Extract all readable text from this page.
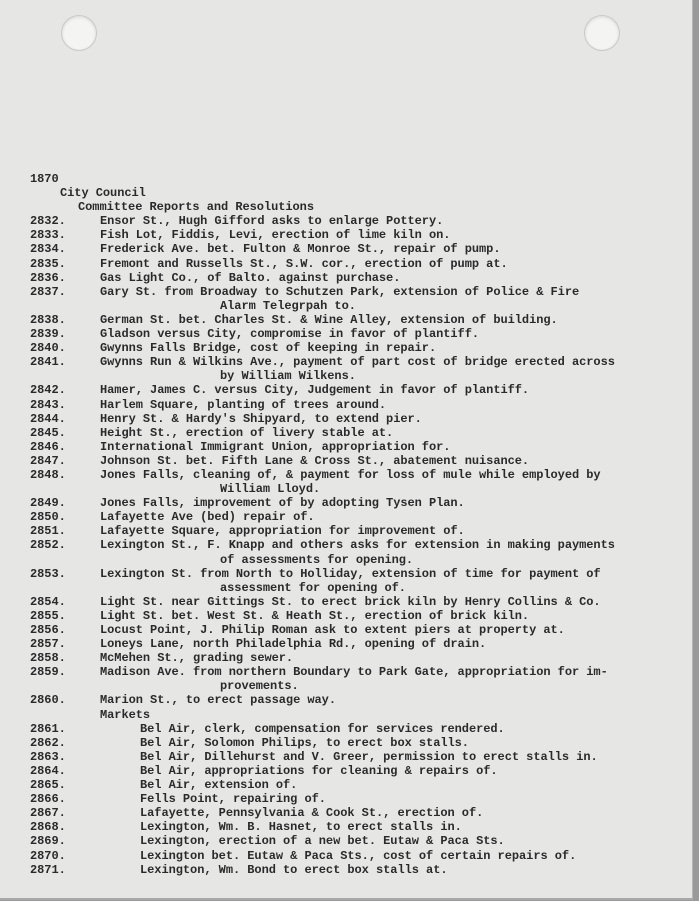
1870
City Council
Committee Reports and Resolutions
2832.	Ensor St., Hugh Gifford asks to enlarge Pottery.
2833.	Fish Lot, Fiddis, Levi, erection of lime kiln on.
2834.	Frederick Ave. bet. Fulton & Monroe St., repair of pump.
2835.	Fremont and Russells St., S.W. cor., erection of pump at.
2836.	Gas Light Co., of Balto. against purchase.
2837.	Gary St. from Broadway to Schutzen Park, extension of Police & Fire
Alarm Telegrpah to.
2838.	German St. bet. Charles St. & Wine Alley, extension of building.
2839.	Gladson versus City, compromise in favor of plantiff.
2840.	Gwynns Falls Bridge, cost of keeping in repair.
2841.	Gwynns Run & Wilkins Ave., payment of part cost of bridge erected across
by William Wilkens.
2842.	Hamer, James C. versus City, Judgement in favor of plantiff.
2843.	Harlem Square, planting of trees around.
2844.	Henry St. & Hardy's Shipyard, to extend pier.
2845.	Height St., erection of livery stable at.
2846.	International Immigrant Union, appropriation for.
2847.	Johnson St. bet. Fifth Lane & Cross St., abatement nuisance.
2848.	Jones Falls, cleaning of, & payment for loss of mule while employed by
William Lloyd.
2849.	Jones Falls, improvement of by adopting Tysen Plan.
2850.	Lafayette Ave (bed) repair of.
2851.	Lafayette Square, appropriation for improvement of.
2852.	Lexington St., F. Knapp and others asks for extension in making payments
of assessments for opening.
2853.	Lexington St. from North to Holliday, extension of time for payment of
assessment for opening of.
2854.	Light St. near Gittings St. to erect brick kiln by Henry Collins & Co.
2855.	Light St. bet. West St. & Heath St., erection of brick kiln.
2856.	Locust Point, J. Philip Roman ask to extent piers at property at.
2857.	Loneys Lane, north Philadelphia Rd., opening of drain.
2858.	McMehen St., grading sewer.
2859.	Madison Ave. from northern Boundary to Park Gate, appropriation for im-
provements.
2860.	Marion St., to erect passage way.
Markets
2861.	Bel Air, clerk, compensation for services rendered.
2862.	Bel Air, Solomon Philips, to erect box stalls.
2863.	Bel Air, Dillehurst and V. Greer, permission to erect stalls in.
2864.	Bel Air, appropriations for cleaning & repairs of.
2865.	Bel Air, extension of.
2866.	Fells Point, repairing of.
2867.	Lafayette, Pennsylvania & Cook St., erection of.
2868.	Lexington, Wm. B. Hasnet, to erect stalls in.
2869.	Lexington, erection of a new bet. Eutaw & Paca Sts.
2870.	Lexington bet. Eutaw & Paca Sts., cost of certain repairs of.
2871.	Lexington, Wm. Bond to erect box stalls at.
